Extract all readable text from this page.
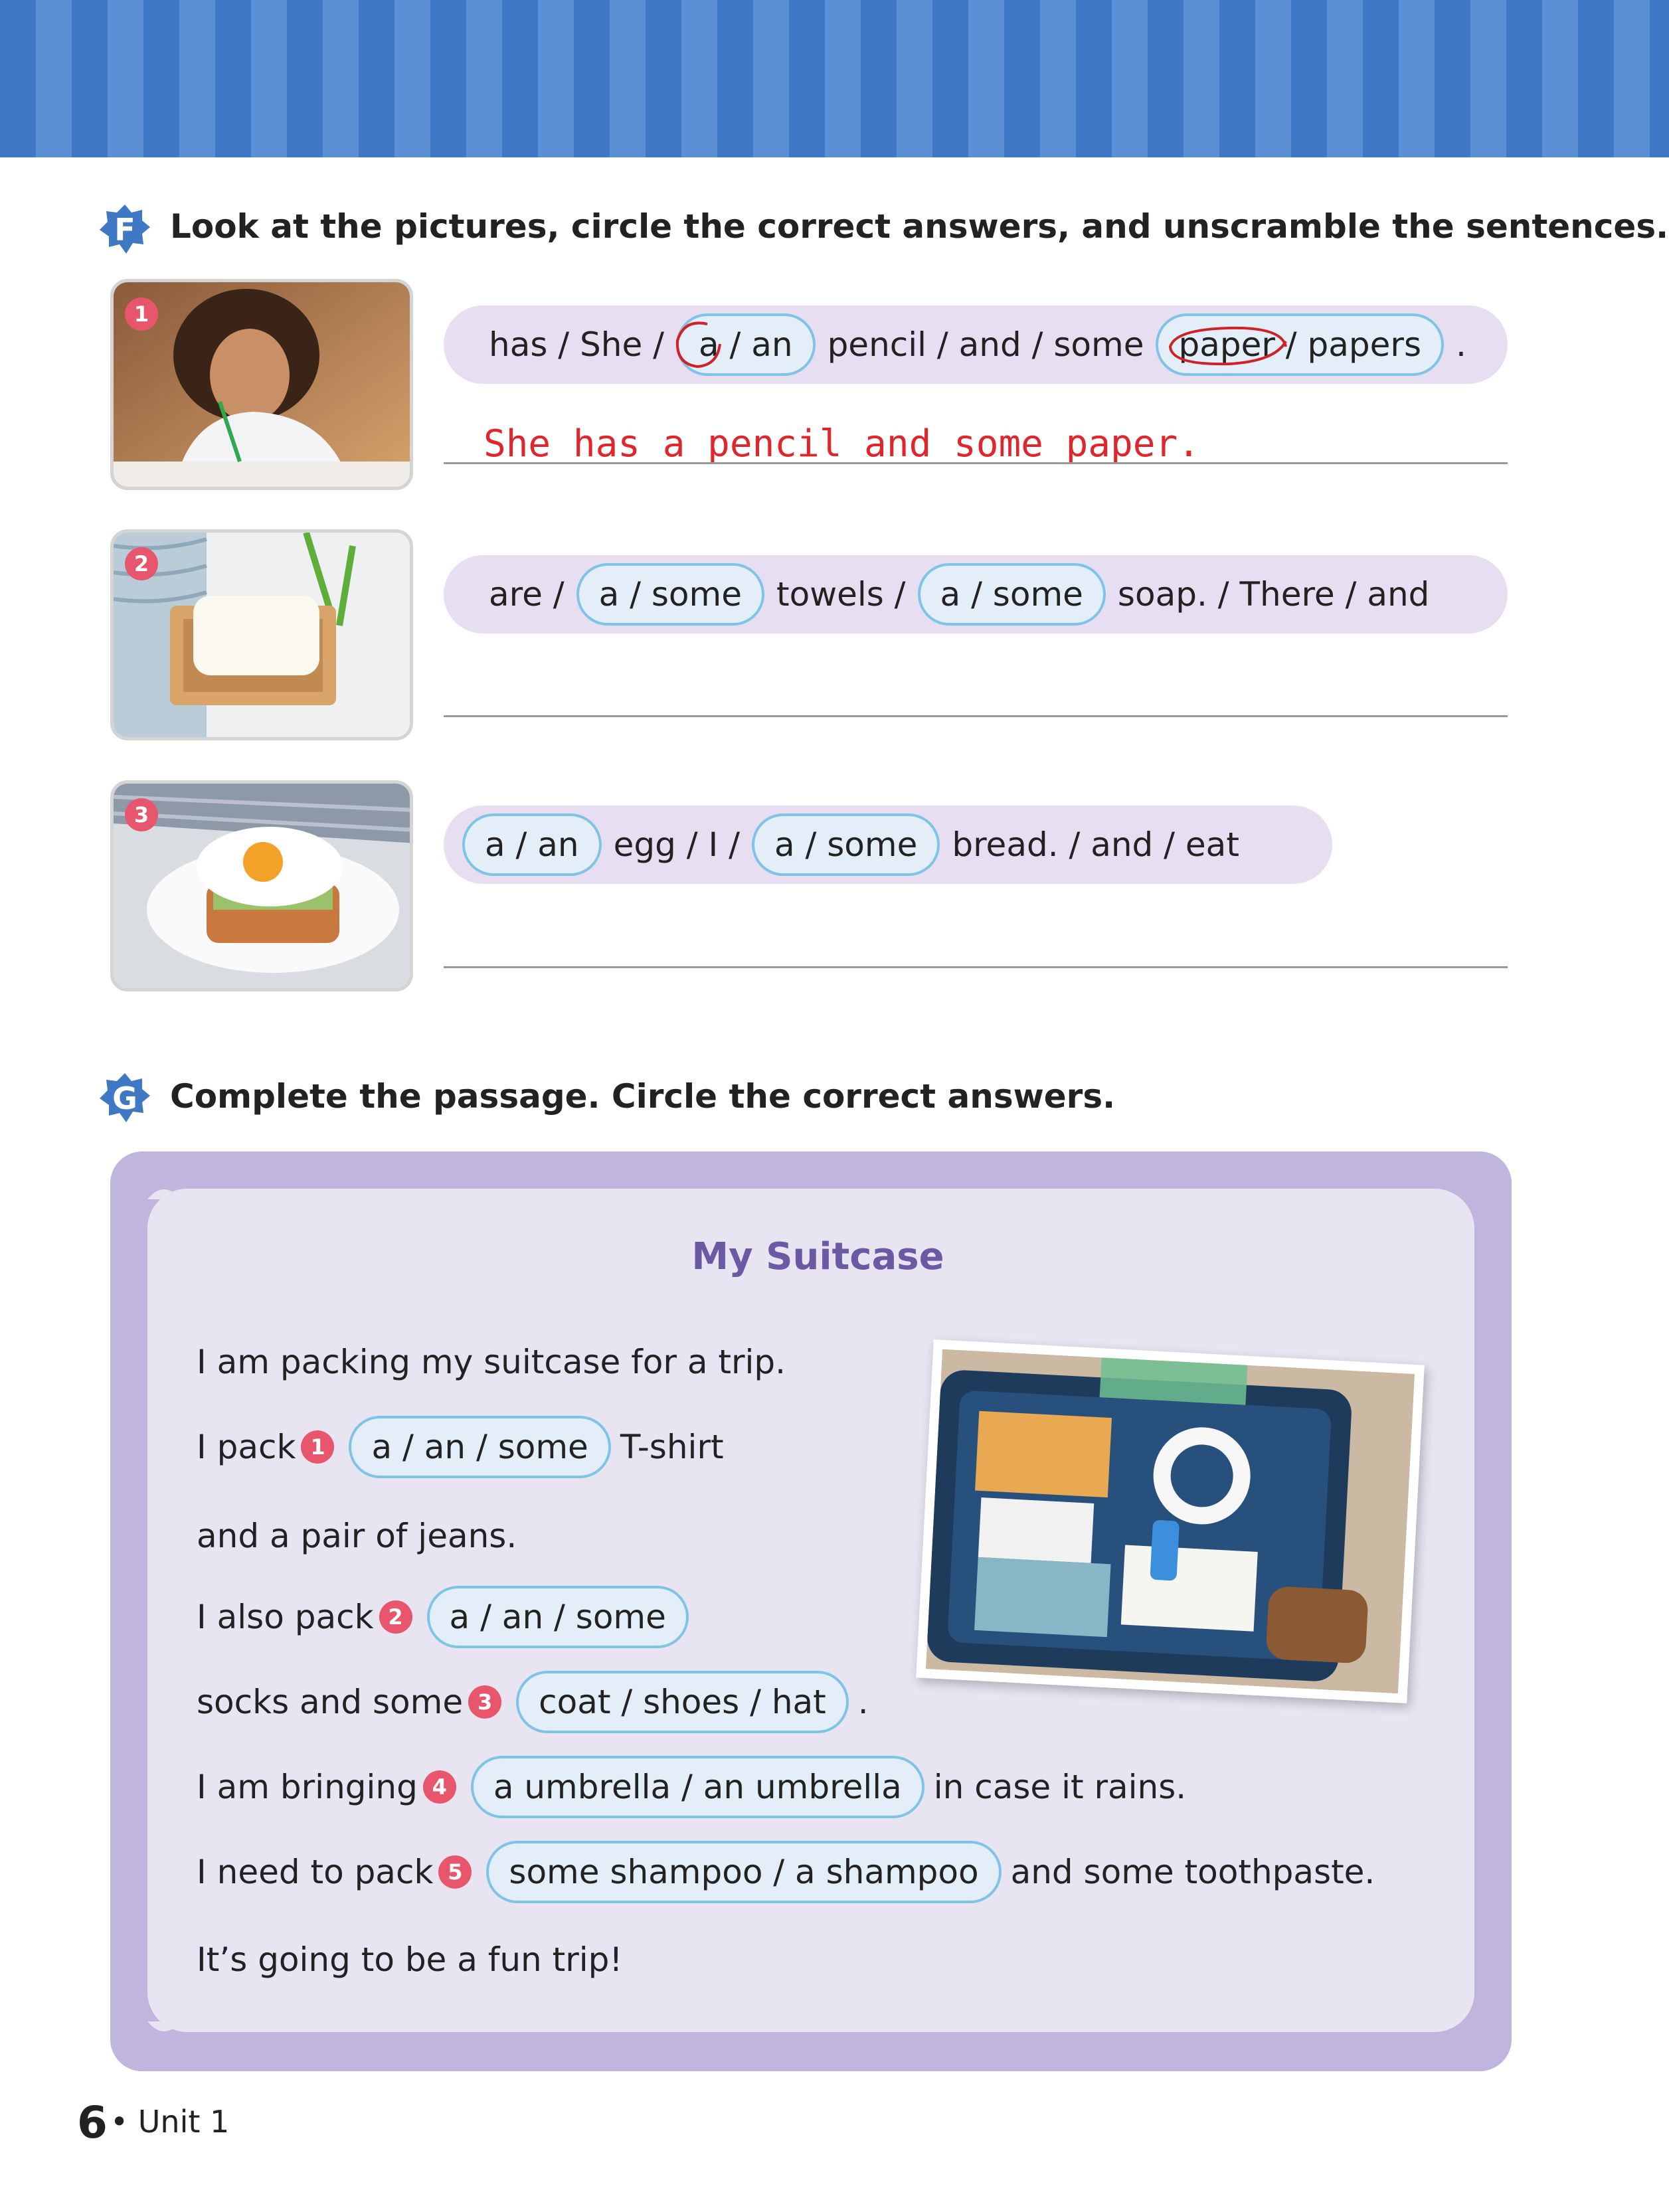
F Look at the pictures, circle the correct answers, and unscramble the sentences.
1
has / She /	a / an	pencil / and / some	paper / papers	.
She has a pencil and some paper.
2
are /	a / some	towels /	a / some	soap. / There / and
3
a / an	egg / I /	a / some	bread. / and / eat
G Complete the passage. Circle the correct answers.
My Suitcase
I am packing my suitcase for a trip.
I pack 1	a / an / some T-shirt
and a pair of jeans.
I also pack 2	a / an / some
socks and some 3	coat / shoes / hat .
I am bringing 4	a umbrella / an umbrella in case it rains.
I need to pack 5	some shampoo / a shampoo and some toothpaste.
It’s going to be a fun trip!
6 • Unit 1
